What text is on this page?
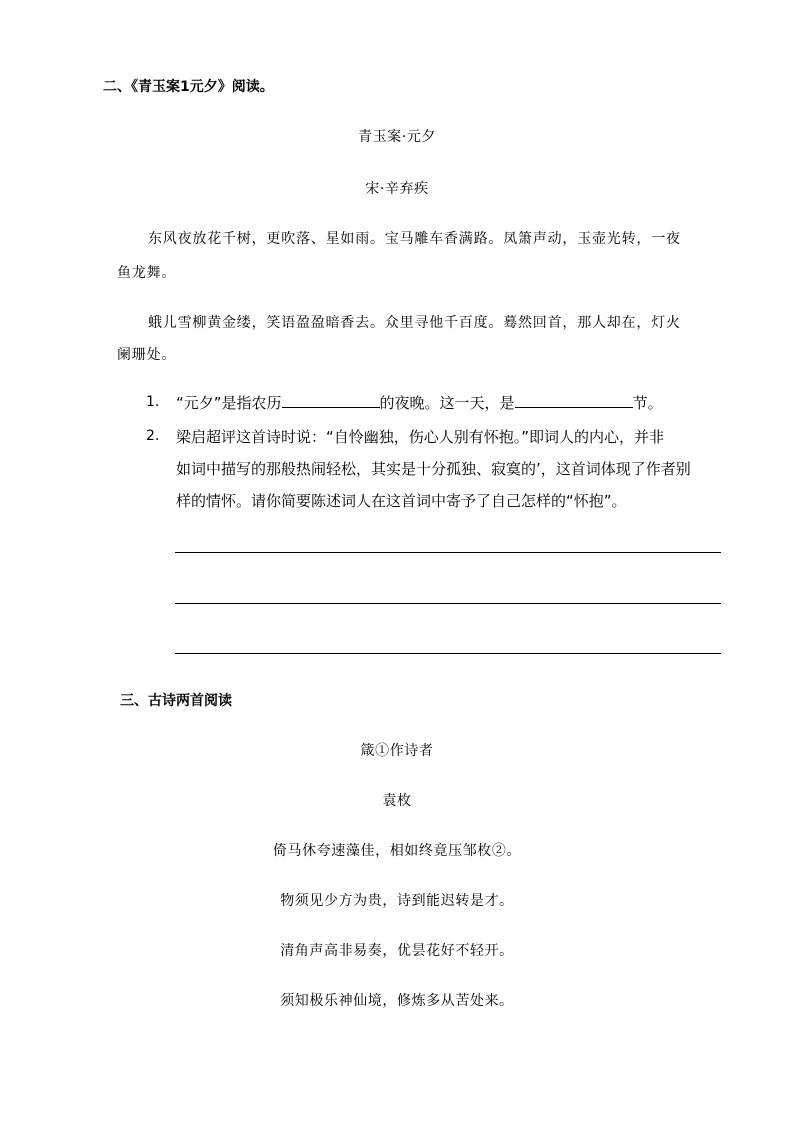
二、《青玉案1元夕》阅读。
青玉案·元夕
宋·辛弃疾
东风夜放花千树，更吹落、星如雨。宝马雕车香满路。凤箫声动，玉壶光转，一夜
鱼龙舞。
蛾儿雪柳黄金缕，笑语盈盈暗香去。众里寻他千百度。蓦然回首，那人却在，灯火
阑珊处。
1. “元夕”是指农历	的夜晚。这一天，是	节。
2. 梁启超评这首诗时说：“自怜幽独，伤心人别有怀抱。”即词人的内心，并非
如词中描写的那般热闹轻松，其实是十分孤独、寂寞的’，这首词体现了作者别
样的情怀。请你简要陈述词人在这首词中寄予了自己怎样的“怀抱”。
三、古诗两首阅读
箴①作诗者
袁枚
倚马休夸速藻佳，相如终竟压邹枚②。
物须见少方为贵，诗到能迟转是才。
清角声高非易奏，优昙花好不轻开。
须知极乐神仙境，修炼多从苦处来。
